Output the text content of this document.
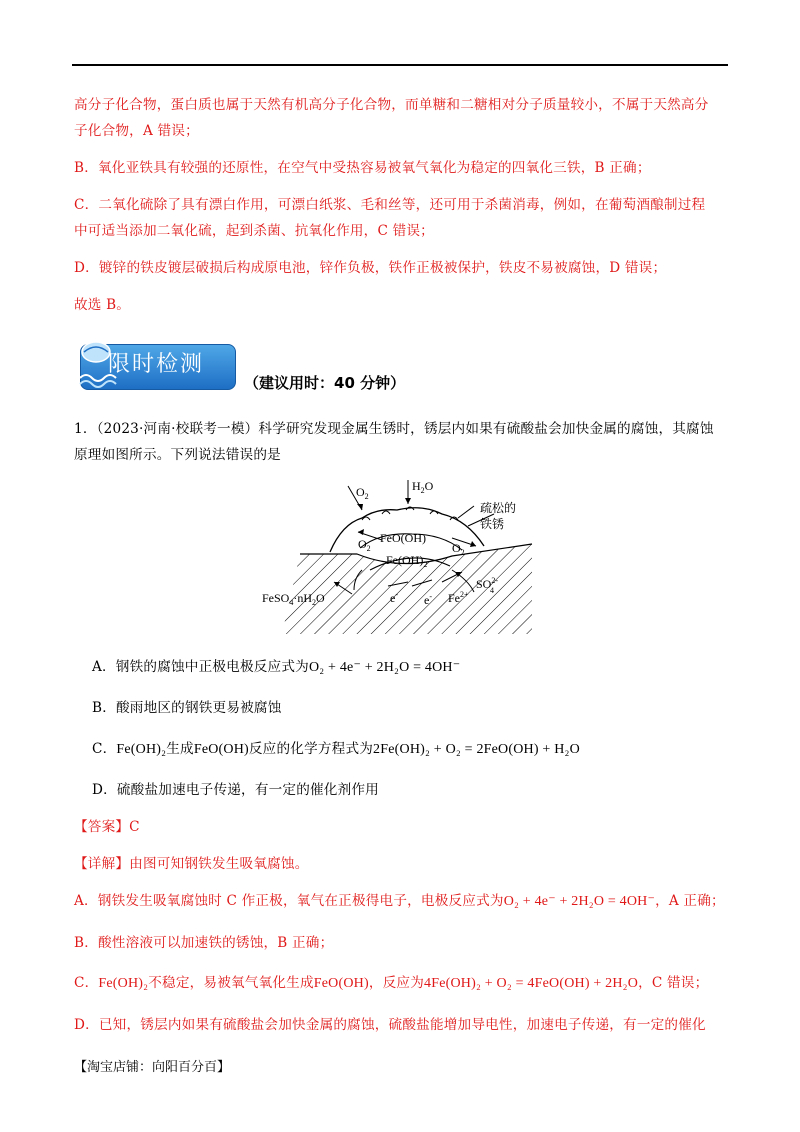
高分子化合物，蛋白质也属于天然有机高分子化合物，而单糖和二糖相对分子质量较小，不属于天然高分
子化合物，A 错误；
B．氧化亚铁具有较强的还原性，在空气中受热容易被氧气氧化为稳定的四氧化三铁，B 正确；
C．二氧化硫除了具有漂白作用，可漂白纸浆、毛和丝等，还可用于杀菌消毒，例如，在葡萄酒酿制过程
中可适当添加二氧化硫，起到杀菌、抗氧化作用，C 错误；
D．镀锌的铁皮镀层破损后构成原电池，锌作负极，铁作正极被保护，铁皮不易被腐蚀，D 错误；
故选 B。
限时检测
（建议用时：40 分钟）
1．（2023·河南·校联考一模）科学研究发现金属生锈时，锈层内如果有硫酸盐会加快金属的腐蚀，其腐蚀
原理如图所示。下列说法错误的是
$O_2$
$H_2O$
疏松的
铁锈
$O_2$
FeO(OH)
$O_2$
$Fe(OH)_2$
$FeSO_4\cdot nH_2O$
$SO^{2-}4$
e- e- $Fe^{2+}$
A．钢铁的腐蚀中正极电极反应式为O₂ + 4e⁻ + 2H₂O = 4OH⁻
B．酸雨地区的钢铁更易被腐蚀
C．Fe(OH)₂生成FeO(OH)反应的化学方程式为2Fe(OH)₂ + O₂ = 2FeO(OH) + H₂O
D．硫酸盐加速电子传递，有一定的催化剂作用
【答案】C
【详解】由图可知钢铁发生吸氧腐蚀。
A．钢铁发生吸氧腐蚀时 C 作正极，氧气在正极得电子，电极反应式为O₂ + 4e⁻ + 2H₂O = 4OH⁻，A 正确；
B．酸性溶液可以加速铁的锈蚀，B 正确；
C．Fe(OH)₂不稳定，易被氧气氧化生成FeO(OH)，反应为4Fe(OH)₂ + O₂ = 4FeO(OH) + 2H₂O，C 错误；
D．已知，锈层内如果有硫酸盐会加快金属的腐蚀，硫酸盐能增加导电性，加速电子传递，有一定的催化
【淘宝店铺：向阳百分百】
